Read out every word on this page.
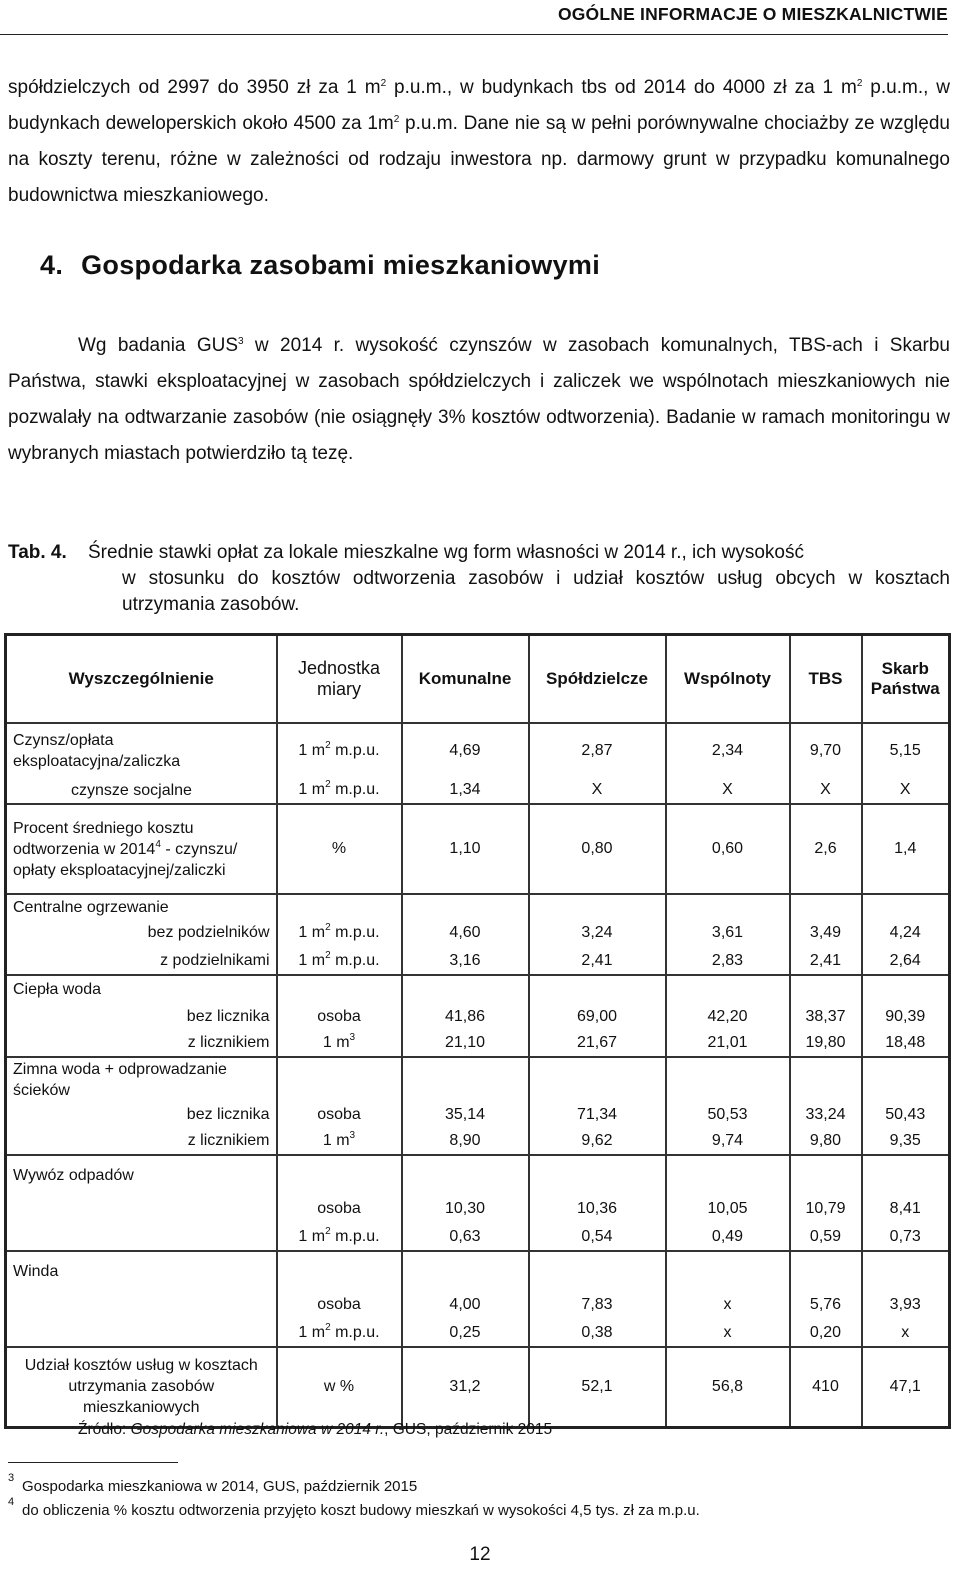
OGÓLNE INFORMACJE O MIESZKALNICTWIE
spółdzielczych od 2997 do 3950 zł za 1 $m^2$ p.u.m., w budynkach tbs od 2014 do 4000 zł za 1 $m^2$ p.u.m., w budynkach deweloperskich około 4500 za $1m^2$ p.u.m. Dane nie są w pełni porównywalne chociażby ze względu na koszty terenu, różne w zależności od rodzaju inwestora np. darmowy grunt w przypadku komunalnego budownictwa mieszkaniowego.
4. Gospodarka zasobami mieszkaniowymi
Wg badania GUS$^3$ w 2014 r. wysokość czynszów w zasobach komunalnych, TBS-ach i Skarbu Państwa, stawki eksploatacyjnej w zasobach spółdzielczych i zaliczek we wspólnotach mieszkaniowych nie pozwalały na odtwarzanie zasobów (nie osiągnęły 3% kosztów odtworzenia). Badanie w ramach monitoringu w wybranych miastach potwierdziło tą tezę.
Tab. 4. Średnie stawki opłat za lokale mieszkalne wg form własności w 2014 r., ich wysokość
w stosunku do kosztów odtworzenia zasobów i udział kosztów usług obcych w kosztach utrzymania zasobów.
Wyszczególnienie	Jednostka miary	Komunalne	Spółdzielcze	Wspólnoty	TBS	Skarb Państwa
Czynsz/opłata eksploatacyjna/zaliczka	1 $m^2$ m.p.u.	4,69	2,87	2,34	9,70	5,15
czynsze socjalne	1 $m^2$ m.p.u.	1,34	X	X	X	X
Procent średniego kosztu odtworzenia w 2014$^4$ - czynszu/ opłaty eksploatacyjnej/zaliczki	%	1,10	0,80	0,60	2,6	1,4
Centralne ogrzewanie						
bez podzielników	1 $m^2$ m.p.u.	4,60	3,24	3,61	3,49	4,24
z podzielnikami	1 $m^2$ m.p.u.	3,16	2,41	2,83	2,41	2,64
Ciepła woda						
bez licznika	osoba	41,86	69,00	42,20	38,37	90,39
z licznikiem	1 $m^3$	21,10	21,67	21,01	19,80	18,48
Zimna woda + odprowadzanie ścieków						
bez licznika	osoba	35,14	71,34	50,53	33,24	50,43
z licznikiem	1 $m^3$	8,90	9,62	9,74	9,80	9,35
Wywóz odpadów						
	osoba	10,30	10,36	10,05	10,79	8,41
	1 $m^2$ m.p.u.	0,63	0,54	0,49	0,59	0,73
Winda						
	osoba	4,00	7,83	x	5,76	3,93
	1 $m^2$ m.p.u.	0,25	0,38	x	0,20	x
Udział kosztów usług w kosztach utrzymania zasobów mieszkaniowych	w %	31,2	52,1	56,8	410	47,1
Źródło: Gospodarka mieszkaniowa w 2014 r., GUS, październik 2015
3 Gospodarka mieszkaniowa w 2014, GUS, październik 2015
4 do obliczenia % kosztu odtworzenia przyjęto koszt budowy mieszkań w wysokości 4,5 tys. zł za m.p.u.
12
